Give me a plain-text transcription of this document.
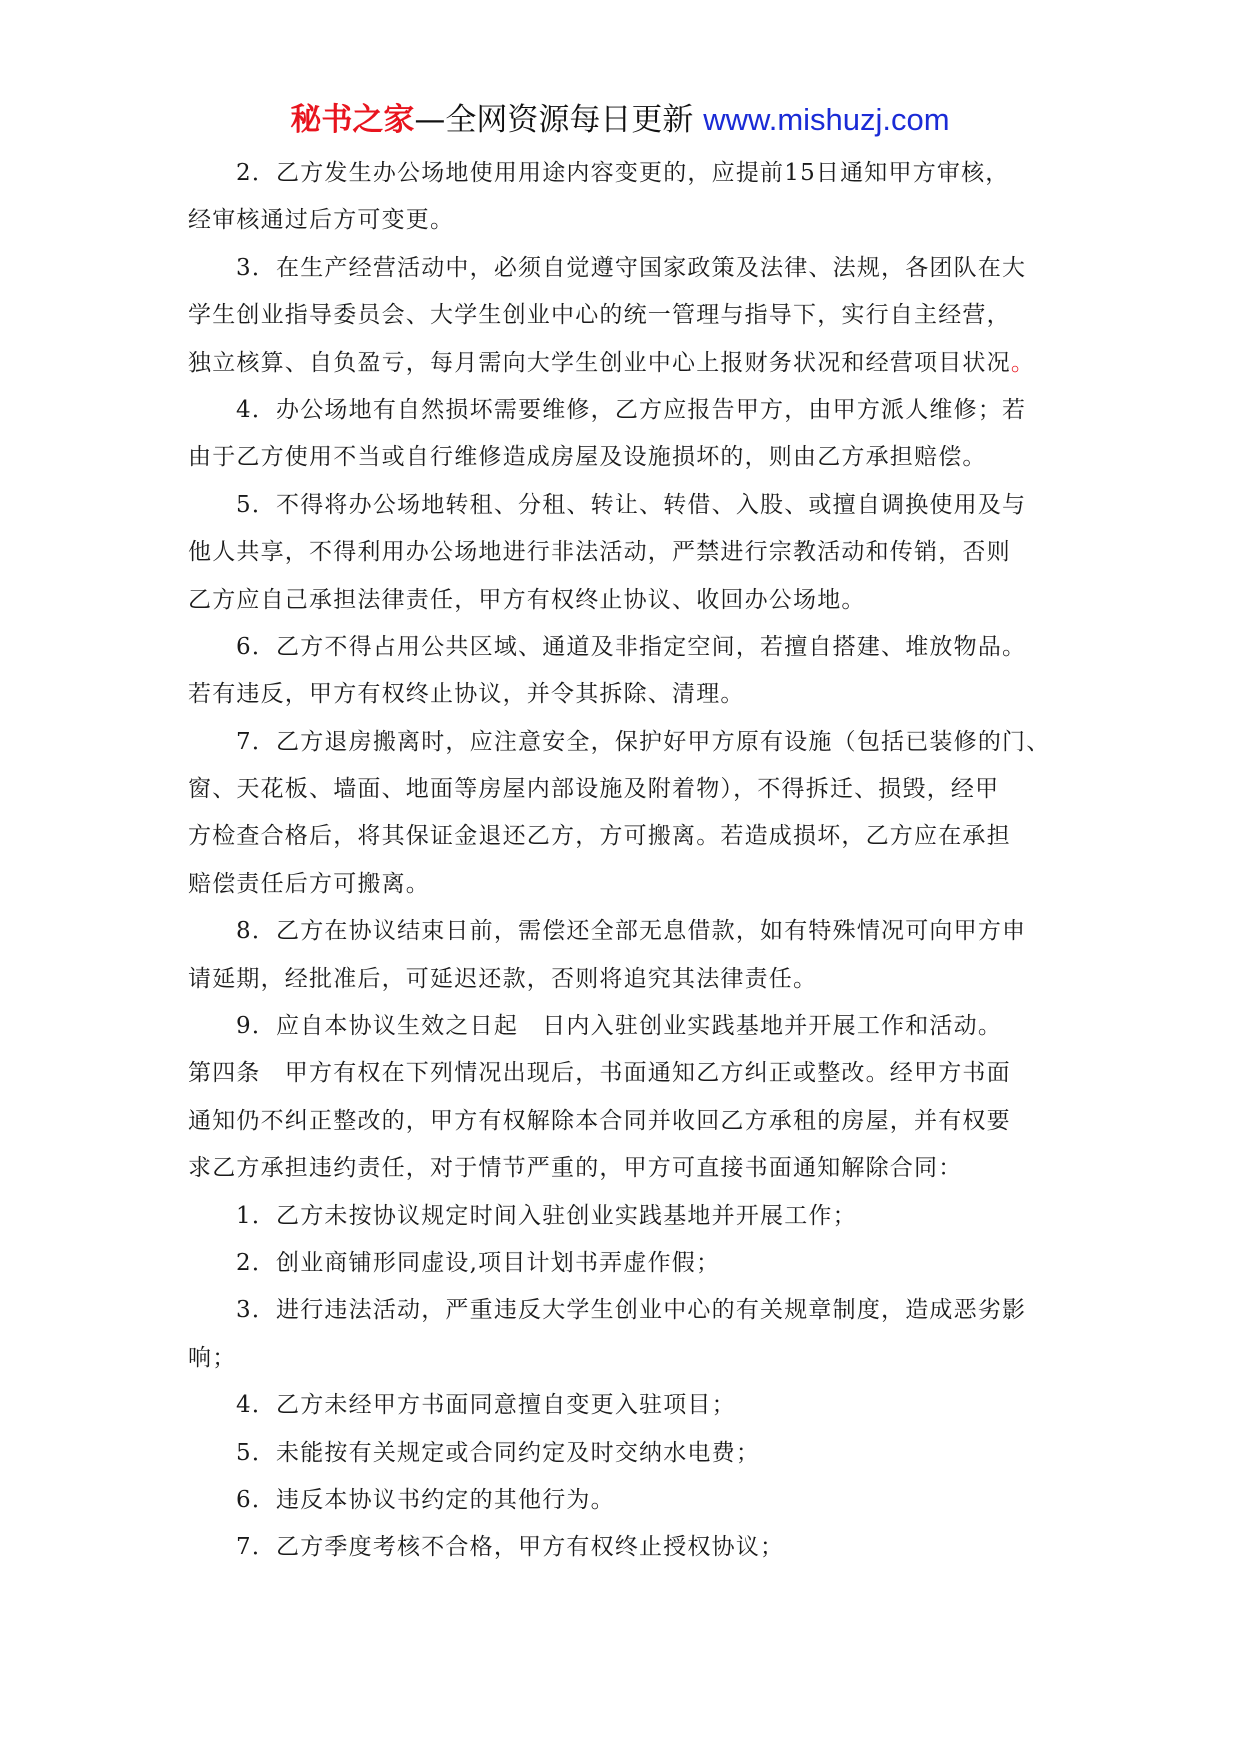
秘书之家—全网资源每日更新 www.mishuzj.com
2．乙方发生办公场地使用用途内容变更的，应提前15日通知甲方审核，
经审核通过后方可变更。
3．在生产经营活动中，必须自觉遵守国家政策及法律、法规，各团队在大
学生创业指导委员会、大学生创业中心的统一管理与指导下，实行自主经营，
独立核算、自负盈亏，每月需向大学生创业中心上报财务状况和经营项目状况。
4．办公场地有自然损坏需要维修，乙方应报告甲方，由甲方派人维修；若
由于乙方使用不当或自行维修造成房屋及设施损坏的，则由乙方承担赔偿。
5．不得将办公场地转租、分租、转让、转借、入股、或擅自调换使用及与
他人共享，不得利用办公场地进行非法活动，严禁进行宗教活动和传销，否则
乙方应自己承担法律责任，甲方有权终止协议、收回办公场地。
6．乙方不得占用公共区域、通道及非指定空间，若擅自搭建、堆放物品。
若有违反，甲方有权终止协议，并令其拆除、清理。
7．乙方退房搬离时，应注意安全，保护好甲方原有设施（包括已装修的门、
窗、天花板、墙面、地面等房屋内部设施及附着物），不得拆迁、损毁，经甲
方检查合格后，将其保证金退还乙方，方可搬离。若造成损坏，乙方应在承担
赔偿责任后方可搬离。
8．乙方在协议结束日前，需偿还全部无息借款，如有特殊情况可向甲方申
请延期，经批准后，可延迟还款，否则将追究其法律责任。
9．应自本协议生效之日起　日内入驻创业实践基地并开展工作和活动。
第四条　甲方有权在下列情况出现后，书面通知乙方纠正或整改。经甲方书面
通知仍不纠正整改的，甲方有权解除本合同并收回乙方承租的房屋，并有权要
求乙方承担违约责任，对于情节严重的，甲方可直接书面通知解除合同：
1．乙方未按协议规定时间入驻创业实践基地并开展工作；
2．创业商铺形同虚设,项目计划书弄虚作假；
3．进行违法活动，严重违反大学生创业中心的有关规章制度，造成恶劣影
响；
4．乙方未经甲方书面同意擅自变更入驻项目；
5．未能按有关规定或合同约定及时交纳水电费；
6．违反本协议书约定的其他行为。
7．乙方季度考核不合格，甲方有权终止授权协议；
